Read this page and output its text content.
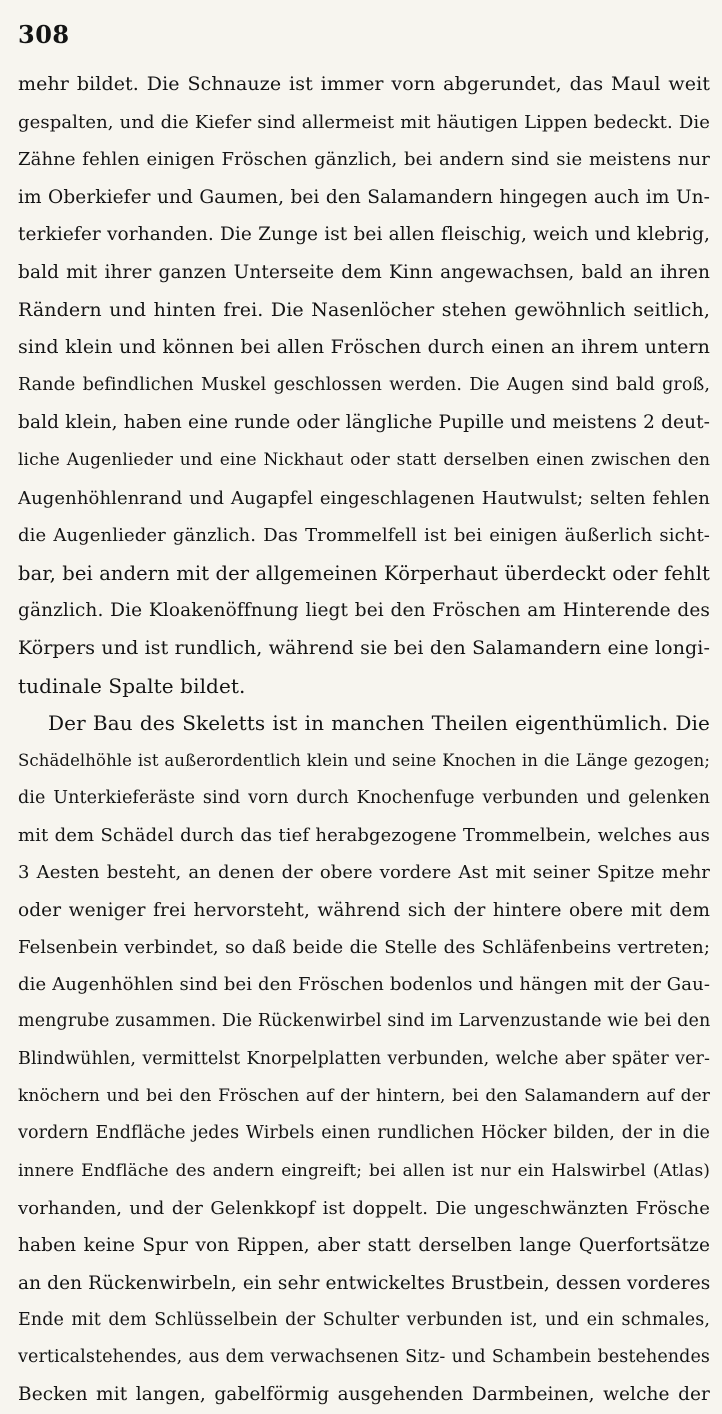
308
mehr bildet. Die Schnauze ist immer vorn abgerundet, das Maul weit
gespalten, und die Kiefer sind allermeist mit häutigen Lippen bedeckt. Die
Zähne fehlen einigen Fröschen gänzlich, bei andern sind sie meistens nur
im Oberkiefer und Gaumen, bei den Salamandern hingegen auch im Un-
terkiefer vorhanden. Die Zunge ist bei allen fleischig, weich und klebrig,
bald mit ihrer ganzen Unterseite dem Kinn angewachsen, bald an ihren
Rändern und hinten frei. Die Nasenlöcher stehen gewöhnlich seitlich,
sind klein und können bei allen Fröschen durch einen an ihrem untern
Rande befindlichen Muskel geschlossen werden. Die Augen sind bald groß,
bald klein, haben eine runde oder längliche Pupille und meistens 2 deut-
liche Augenlieder und eine Nickhaut oder statt derselben einen zwischen den
Augenhöhlenrand und Augapfel eingeschlagenen Hautwulst; selten fehlen
die Augenlieder gänzlich. Das Trommelfell ist bei einigen äußerlich sicht-
bar, bei andern mit der allgemeinen Körperhaut überdeckt oder fehlt
gänzlich. Die Kloakenöffnung liegt bei den Fröschen am Hinterende des
Körpers und ist rundlich, während sie bei den Salamandern eine longi-
tudinale Spalte bildet.
Der Bau des Skeletts ist in manchen Theilen eigenthümlich. Die
Schädelhöhle ist außerordentlich klein und seine Knochen in die Länge gezogen;
die Unterkieferäste sind vorn durch Knochenfuge verbunden und gelenken
mit dem Schädel durch das tief herabgezogene Trommelbein, welches aus
3 Aesten besteht, an denen der obere vordere Ast mit seiner Spitze mehr
oder weniger frei hervorsteht, während sich der hintere obere mit dem
Felsenbein verbindet, so daß beide die Stelle des Schläfenbeins vertreten;
die Augenhöhlen sind bei den Fröschen bodenlos und hängen mit der Gau-
mengrube zusammen. Die Rückenwirbel sind im Larvenzustande wie bei den
Blindwühlen, vermittelst Knorpelplatten verbunden, welche aber später ver-
knöchern und bei den Fröschen auf der hintern, bei den Salamandern auf der
vordern Endfläche jedes Wirbels einen rundlichen Höcker bilden, der in die
innere Endfläche des andern eingreift; bei allen ist nur ein Halswirbel (Atlas)
vorhanden, und der Gelenkkopf ist doppelt. Die ungeschwänzten Frösche
haben keine Spur von Rippen, aber statt derselben lange Querfortsätze
an den Rückenwirbeln, ein sehr entwickeltes Brustbein, dessen vorderes
Ende mit dem Schlüsselbein der Schulter verbunden ist, und ein schmales,
verticalstehendes, aus dem verwachsenen Sitz- und Schambein bestehendes
Becken mit langen, gabelförmig ausgehenden Darmbeinen, welche der
